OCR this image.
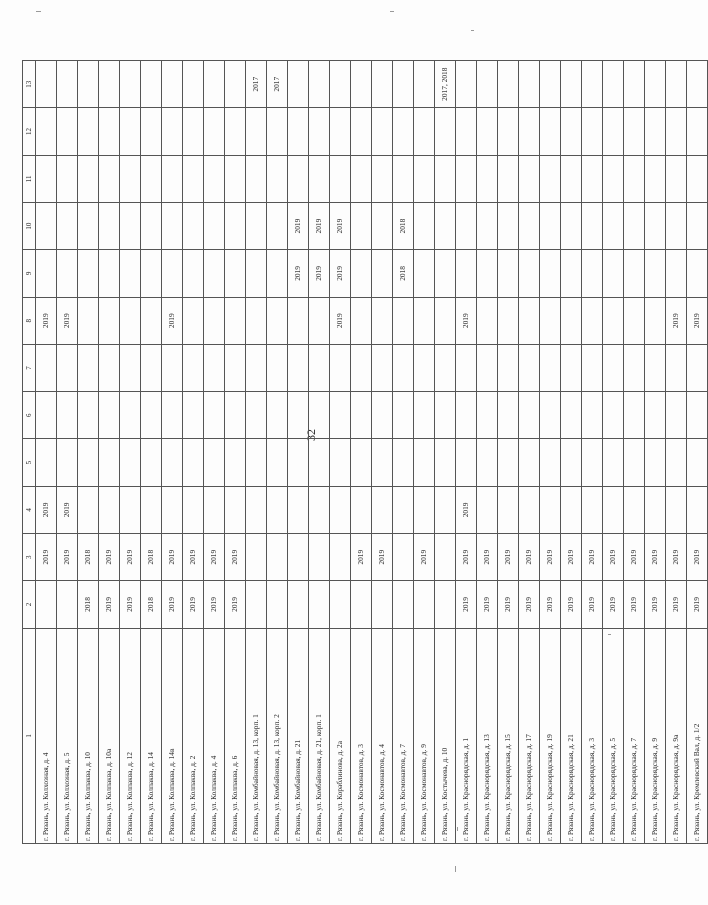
32
1	2	3	4	5	6	7	8	9	10	11	12	13
г. Рязань, ул. Колхозная, д. 4		2019	2019				2019					
г. Рязань, ул. Колхозная, д. 5		2019	2019				2019					
г. Рязань, ул. Колпаква, д. 10	2018	2018										
г. Рязань, ул. Колпаква, д. 10а	2019	2019										
г. Рязань, ул. Колпаква, д. 12	2019	2019										
г. Рязань, ул. Колпаква, д. 14	2018	2018										
г. Рязань, ул. Колпаква, д. 14в	2019	2019					2019					
г. Рязань, ул. Колпаква, д. 2	2019	2019										
г. Рязань, ул. Колпаква, д. 4	2019	2019										
г. Рязань, ул. Колпаква, д. 6	2019	2019										
г. Рязань, ул. Комбайновая, д. 13, корп. 1												2017
г. Рязань, ул. Комбайновая, д. 13, корп. 2												2017
г. Рязань, ул. Комбайновая, д. 21								2019	2019			
г. Рязань, ул. Комбайновая, д. 21, корп. 1								2019	2019			
г. Рязань, ул. Кораблинова, д. 2а							2019	2019	2019			
г. Рязань, ул. Космонавтов, д. 3		2019										
г. Рязань, ул. Космонавтов, д. 4		2019										
г. Рязань, ул. Космонавтов, д. 7								2018	2018			
г. Рязань, ул. Космонавтов, д. 9		2019										
г. Рязань, ул. Костычева, д. 10												2017, 2018
г. Рязань, ул. Краснорядская, д. 1	2019	2019	2019				2019					
г. Рязань, ул. Краснорядская, д. 13	2019	2019										
г. Рязань, ул. Краснорядская, д. 15	2019	2019										
г. Рязань, ул. Краснорядская, д. 17	2019	2019										
г. Рязань, ул. Краснорядская, д. 19	2019	2019										
г. Рязань, ул. Краснорядская, д. 21	2019	2019										
г. Рязань, ул. Краснорядская, д. 3	2019	2019										
г. Рязань, ул. Краснорядская, д. 5	2019	2019										
г. Рязань, ул. Краснорядская, д. 7	2019	2019										
г. Рязань, ул. Краснорядская, д. 9	2019	2019										
г. Рязань, ул. Краснорядская, д. 9а	2019	2019					2019					
г. Рязань, ул. Кремлевский Вал, д. 1/2	2019	2019					2019					
